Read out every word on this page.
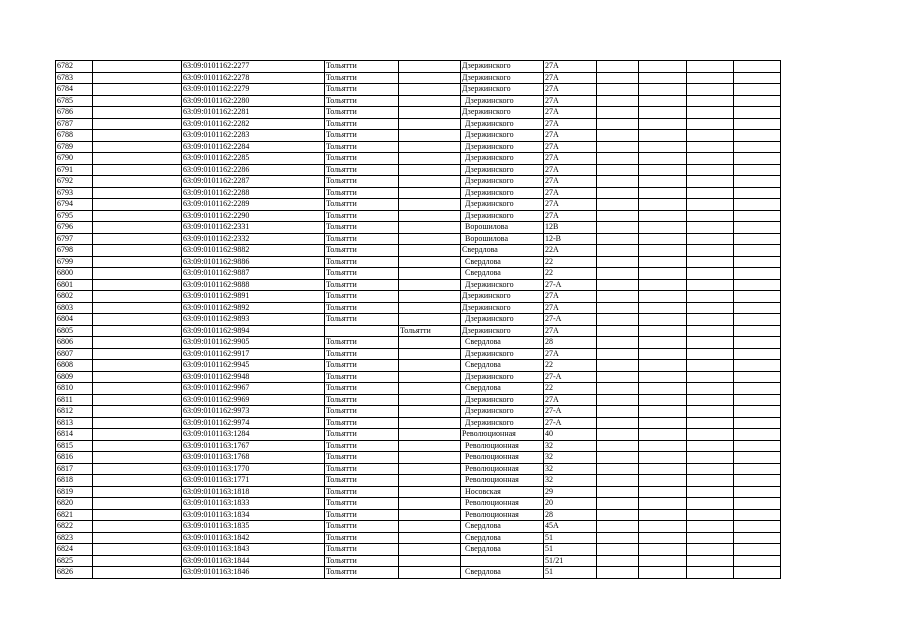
6782		63:09:0101162:2277	Тольятти		Дзержинского	27А				
6783		63:09:0101162:2278	Тольятти		Дзержинского	27А				
6784		63:09:0101162:2279	Тольятти		Дзержинского	27А				
6785		63:09:0101162:2280	Тольятти		Дзержинского	27А				
6786		63:09:0101162:2281	Тольятти		Дзержинского	27А				
6787		63:09:0101162:2282	Тольятти		Дзержинского	27А				
6788		63:09:0101162:2283	Тольятти		Дзержинского	27А				
6789		63:09:0101162:2284	Тольятти		Дзержинского	27А				
6790		63:09:0101162:2285	Тольятти		Дзержинского	27А				
6791		63:09:0101162:2286	Тольятти		Дзержинского	27А				
6792		63:09:0101162:2287	Тольятти		Дзержинского	27А				
6793		63:09:0101162:2288	Тольятти		Дзержинского	27А				
6794		63:09:0101162:2289	Тольятти		Дзержинского	27А				
6795		63:09:0101162:2290	Тольятти		Дзержинского	27А				
6796		63:09:0101162:2331	Тольятти		Ворошилова	12В				
6797		63:09:0101162:2332	Тольятти		Ворошилова	12-В				
6798		63:09:0101162:9882	Тольятти		Свердлова	22А				
6799		63:09:0101162:9886	Тольятти		Свердлова	22				
6800		63:09:0101162:9887	Тольятти		Свердлова	22				
6801		63:09:0101162:9888	Тольятти		Дзержинского	27-А				
6802		63:09:0101162:9891	Тольятти		Дзержинского	27А				
6803		63:09:0101162:9892	Тольятти		Дзержинского	27А				
6804		63:09:0101162:9893	Тольятти		Дзержинского	27-А				
6805		63:09:0101162:9894		Тольятти	Дзержинского	27А				
6806		63:09:0101162:9905	Тольятти		Свердлова	28				
6807		63:09:0101162:9917	Тольятти		Дзержинского	27А				
6808		63:09:0101162:9945	Тольятти		Свердлова	22				
6809		63:09:0101162:9948	Тольятти		Дзержинского	27-А				
6810		63:09:0101162:9967	Тольятти		Свердлова	22				
6811		63:09:0101162:9969	Тольятти		Дзержинского	27А				
6812		63:09:0101162:9973	Тольятти		Дзержинского	27-А				
6813		63:09:0101162:9974	Тольятти		Дзержинского	27-А				
6814		63:09:0101163:1284	Тольятти		Революционная	40				
6815		63:09:0101163:1767	Тольятти		Революционная	32				
6816		63:09:0101163:1768	Тольятти		Революционная	32				
6817		63:09:0101163:1770	Тольятти		Революционная	32				
6818		63:09:0101163:1771	Тольятти		Революционная	32				
6819		63:09:0101163:1818	Тольятти		Носовская	29				
6820		63:09:0101163:1833	Тольятти		Революционная	20				
6821		63:09:0101163:1834	Тольятти		Революционная	28				
6822		63:09:0101163:1835	Тольятти		Свердлова	45А				
6823		63:09:0101163:1842	Тольятти		Свердлова	51				
6824		63:09:0101163:1843	Тольятти		Свердлова	51				
6825		63:09:0101163:1844	Тольятти			51/21				
6826		63:09:0101163:1846	Тольятти		Свердлова	51				
